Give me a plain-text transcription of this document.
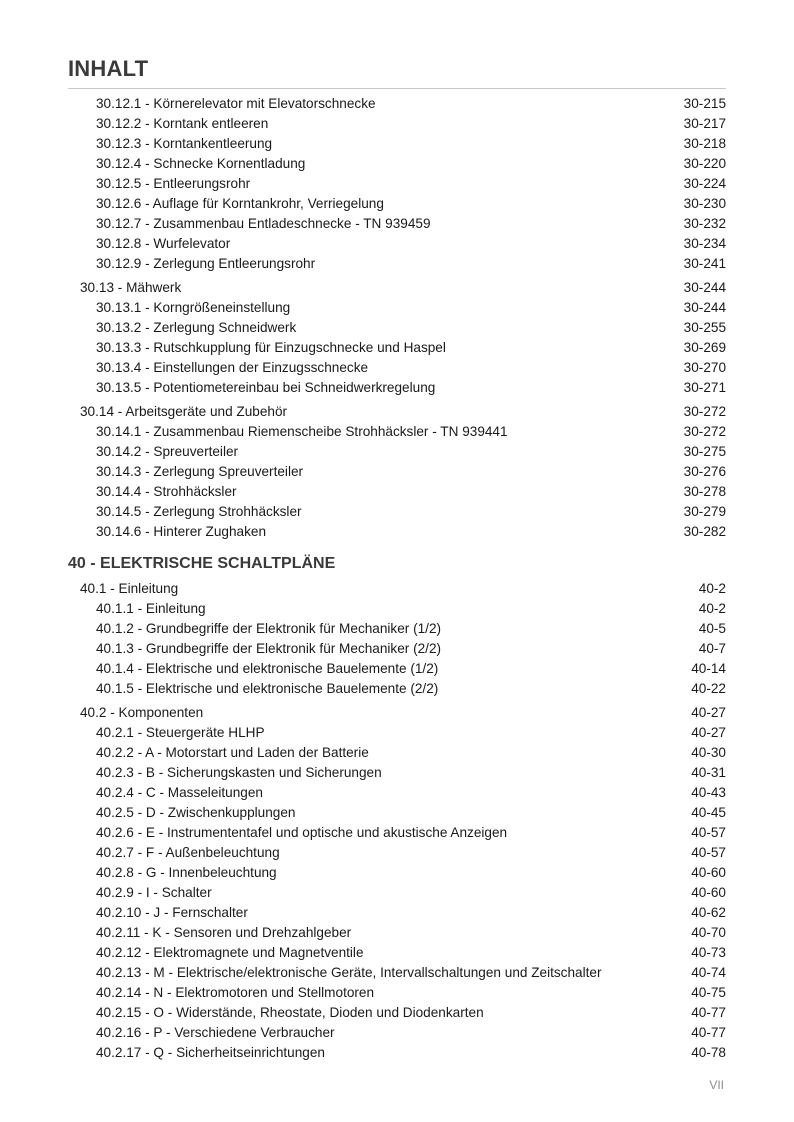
INHALT
30.12.1 - Körnerelevator mit Elevatorschnecke	30-215
30.12.2 - Korntank entleeren	30-217
30.12.3 - Korntankentleerung	30-218
30.12.4 - Schnecke Kornentladung	30-220
30.12.5 - Entleerungsrohr	30-224
30.12.6 - Auflage für Korntankrohr, Verriegelung	30-230
30.12.7 - Zusammenbau Entladeschnecke - TN 939459	30-232
30.12.8 - Wurfelevator	30-234
30.12.9 - Zerlegung Entleerungsrohr	30-241
30.13 - Mähwerk	30-244
30.13.1 - Korngrößeneinstellung	30-244
30.13.2 - Zerlegung Schneidwerk	30-255
30.13.3 - Rutschkupplung für Einzugschnecke und Haspel	30-269
30.13.4 - Einstellungen der Einzugsschnecke	30-270
30.13.5 - Potentiometereinbau bei Schneidwerkregelung	30-271
30.14 - Arbeitsgeräte und Zubehör	30-272
30.14.1 - Zusammenbau Riemenscheibe Strohhäcksler - TN 939441	30-272
30.14.2 - Spreuverteiler	30-275
30.14.3 - Zerlegung Spreuverteiler	30-276
30.14.4 - Strohhäcksler	30-278
30.14.5 - Zerlegung Strohhäcksler	30-279
30.14.6 - Hinterer Zughaken	30-282
40 - ELEKTRISCHE SCHALTPLÄNE
40.1 - Einleitung	40-2
40.1.1 - Einleitung	40-2
40.1.2 - Grundbegriffe der Elektronik für Mechaniker (1/2)	40-5
40.1.3 - Grundbegriffe der Elektronik für Mechaniker (2/2)	40-7
40.1.4 - Elektrische und elektronische Bauelemente (1/2)	40-14
40.1.5 - Elektrische und elektronische Bauelemente (2/2)	40-22
40.2 - Komponenten	40-27
40.2.1 - Steuergeräte HLHP	40-27
40.2.2 - A - Motorstart und Laden der Batterie	40-30
40.2.3 - B - Sicherungskasten und Sicherungen	40-31
40.2.4 - C - Masseleitungen	40-43
40.2.5 - D - Zwischenkupplungen	40-45
40.2.6 - E - Instrumententafel und optische und akustische Anzeigen	40-57
40.2.7 - F - Außenbeleuchtung	40-57
40.2.8 - G - Innenbeleuchtung	40-60
40.2.9 - I - Schalter	40-60
40.2.10 - J - Fernschalter	40-62
40.2.11 - K - Sensoren und Drehzahlgeber	40-70
40.2.12 - Elektromagnete und Magnetventile	40-73
40.2.13 - M - Elektrische/elektronische Geräte, Intervallschaltungen und Zeitschalter	40-74
40.2.14 - N - Elektromotoren und Stellmotoren	40-75
40.2.15 - O - Widerstände, Rheostate, Dioden und Diodenkarten	40-77
40.2.16 - P - Verschiedene Verbraucher	40-77
40.2.17 - Q - Sicherheitseinrichtungen	40-78
VII
